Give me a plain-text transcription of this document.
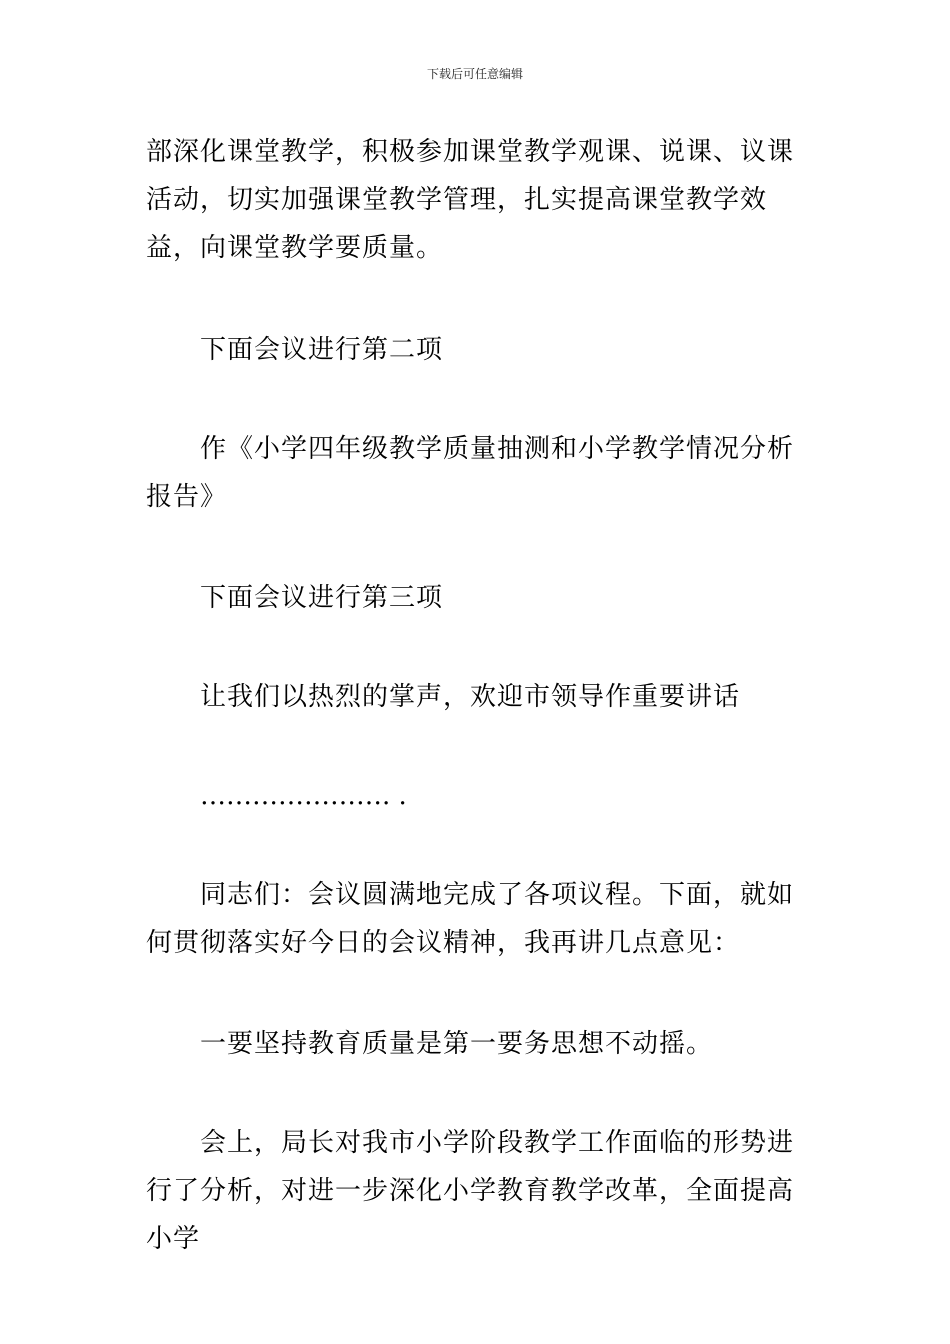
下载后可任意编辑

部深化课堂教学，积极参加课堂教学观课、说课、议课活动，切实加强课堂教学管理，扎实提高课堂教学效益，向课堂教学要质量。

下面会议进行第二项

作《小学四年级教学质量抽测和小学教学情况分析报告》

下面会议进行第三项

让我们以热烈的掌声，欢迎市领导作重要讲话

…………………. .

同志们：会议圆满地完成了各项议程。下面，就如何贯彻落实好今日的会议精神，我再讲几点意见：

一要坚持教育质量是第一要务思想不动摇。

会上，局长对我市小学阶段教学工作面临的形势进行了分析，对进一步深化小学教育教学改革，全面提高小学
